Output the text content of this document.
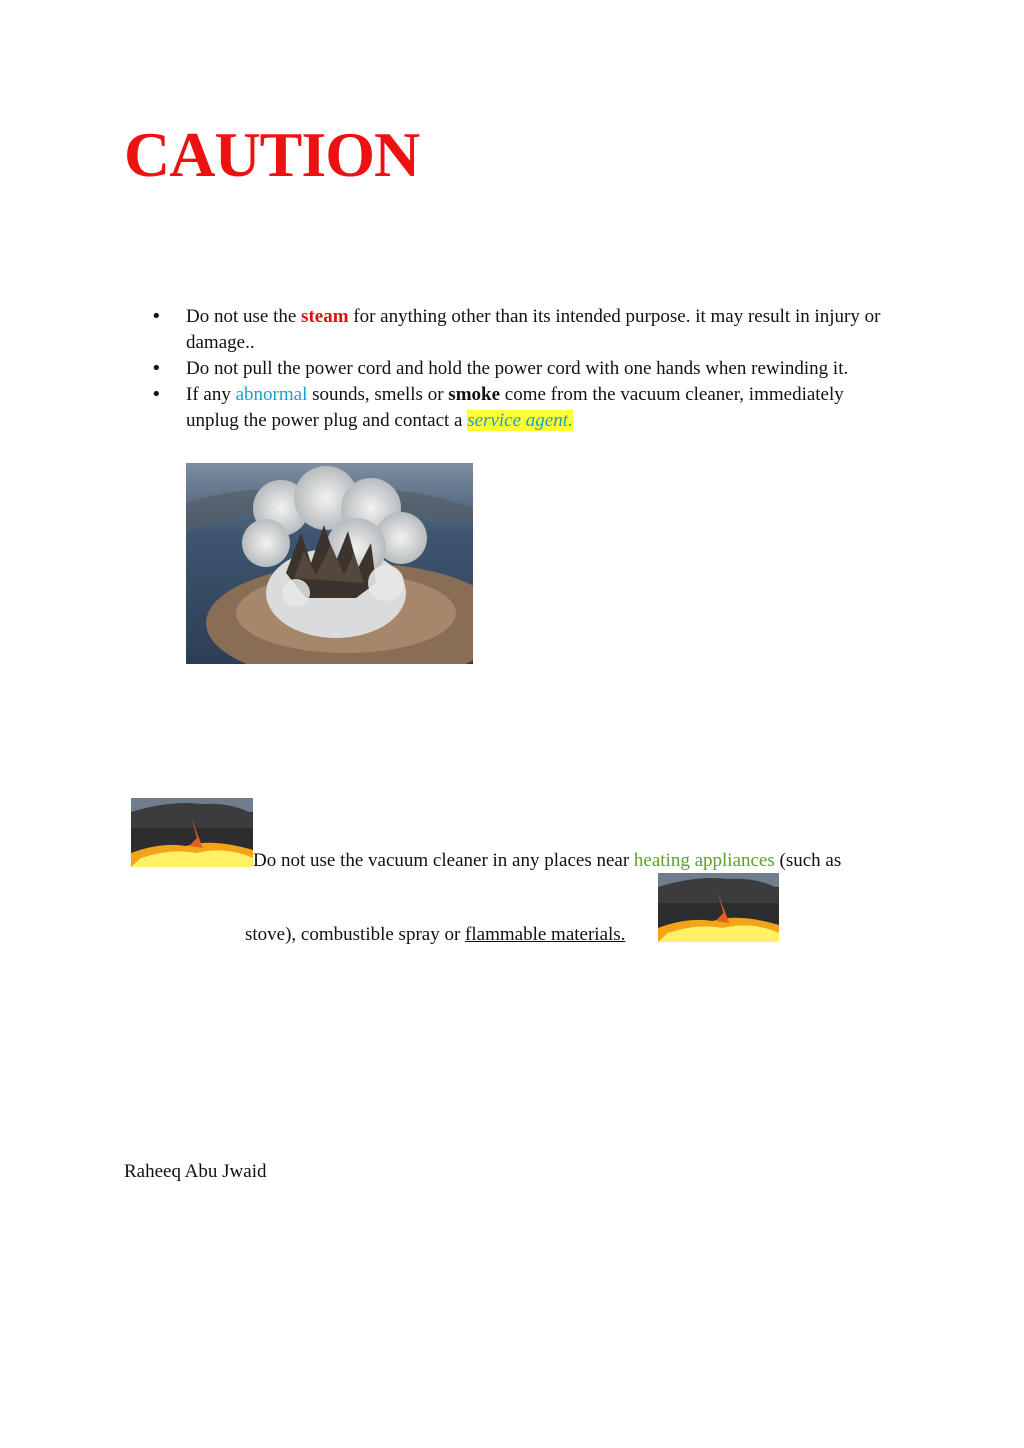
CAUTION
• Do not use the steam for anything other than its intended purpose. it may result in injury or damage..
• Do not pull the power cord and hold the power cord with one hands when rewinding it.
• If any abnormal sounds, smells or smoke come from the vacuum cleaner, immediately unplug the power plug and contact a service agent.
Do not use the vacuum cleaner in any places near heating appliances (such as
stove), combustible spray or flammable materials.
Raheeq Abu Jwaid
